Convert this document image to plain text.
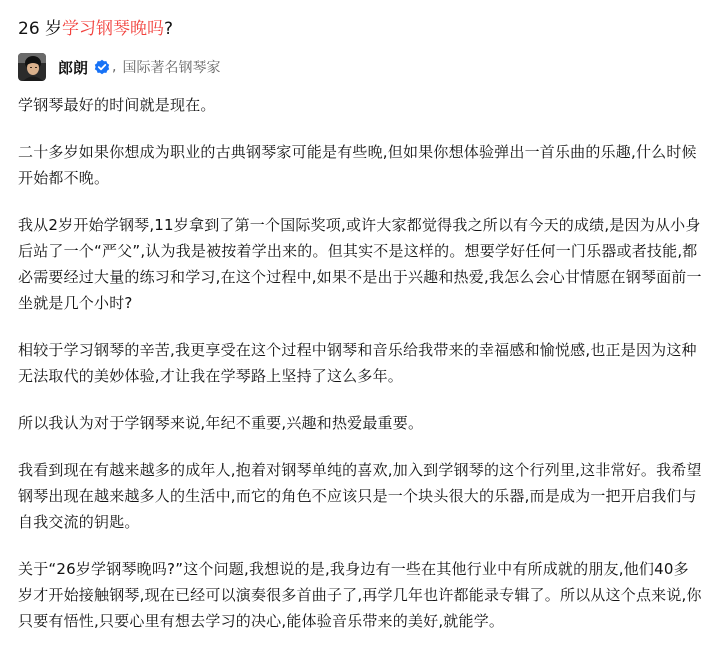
26 岁学习钢琴晚吗?
郎朗 , 国际著名钢琴家

学钢琴最好的时间就是现在。

二十多岁如果你想成为职业的古典钢琴家可能是有些晚,但如果你想体验弹出一首乐曲的乐趣,什么时候开始都不晚。

我从2岁开始学钢琴,11岁拿到了第一个国际奖项,或许大家都觉得我之所以有今天的成绩,是因为从小身后站了一个“严父”,认为我是被按着学出来的。但其实不是这样的。想要学好任何一门乐器或者技能,都必需要经过大量的练习和学习,在这个过程中,如果不是出于兴趣和热爱,我怎么会心甘情愿在钢琴面前一坐就是几个小时?

相较于学习钢琴的辛苦,我更享受在这个过程中钢琴和音乐给我带来的幸福感和愉悦感,也正是因为这种无法取代的美妙体验,才让我在学琴路上坚持了这么多年。

所以我认为对于学钢琴来说,年纪不重要,兴趣和热爱最重要。

我看到现在有越来越多的成年人,抱着对钢琴单纯的喜欢,加入到学钢琴的这个行列里,这非常好。我希望钢琴出现在越来越多人的生活中,而它的角色不应该只是一个块头很大的乐器,而是成为一把开启我们与自我交流的钥匙。

关于“26岁学钢琴晚吗?”这个问题,我想说的是,我身边有一些在其他行业中有所成就的朋友,他们40多岁才开始接触钢琴,现在已经可以演奏很多首曲子了,再学几年也许都能录专辑了。所以从这个点来说,你只要有悟性,只要心里有想去学习的决心,能体验音乐带来的美好,就能学。
